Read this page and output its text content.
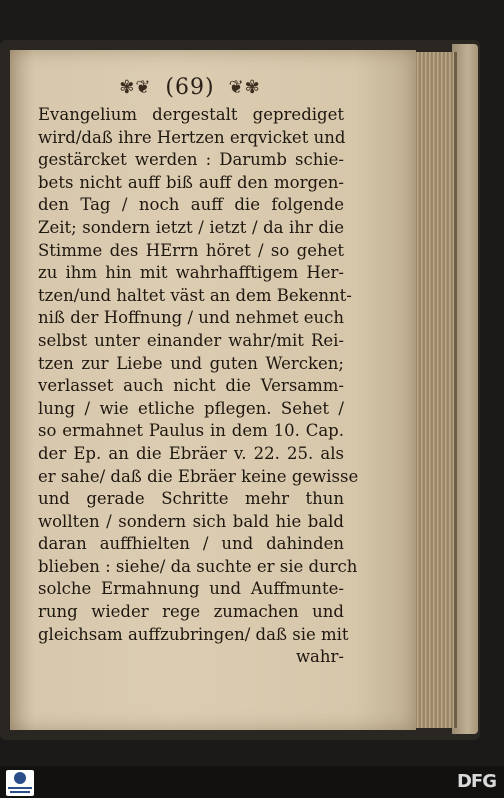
✾❦ (69) ❦✾
Evangelium dergestalt geprediget
wird/daß ihre Hertzen erqvicket und
gestärcket werden : Darumb schie-
bets nicht auff biß auff den morgen-
den Tag / noch auff die folgende
Zeit; sondern ietzt / ietzt / da ihr die
Stimme des HErrn höret / so gehet
zu ihm hin mit wahrhafftigem Her-
tzen/und haltet väst an dem Bekennt-
niß der Hoffnung / und nehmet euch
selbst unter einander wahr/mit Rei-
tzen zur Liebe und guten Wercken;
verlasset auch nicht die Versamm-
lung / wie etliche pflegen. Sehet /
so ermahnet Paulus in dem 10. Cap.
der Ep. an die Ebräer v. 22. 25. als
er sahe/ daß die Ebräer keine gewisse
und gerade Schritte mehr thun
wollten / sondern sich bald hie bald
daran auffhielten / und dahinden
blieben : siehe/ da suchte er sie durch
solche Ermahnung und Auffmunte-
rung wieder rege zumachen und
gleichsam auffzubringen/ daß sie mit
wahr-
DFG
